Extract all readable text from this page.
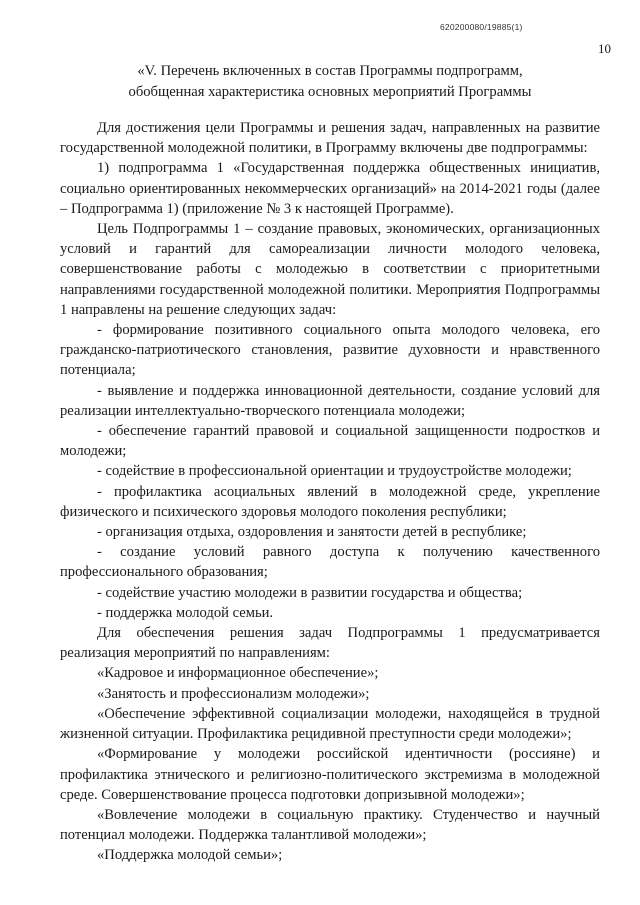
620200080/19885(1)
10
«V. Перечень включенных в состав Программы подпрограмм,
обобщенная характеристика основных мероприятий Программы

Для достижения цели Программы и решения задач, направленных на развитие государственной молодежной политики, в Программу включены две подпрограммы:

1) подпрограмма 1 «Государственная поддержка общественных инициатив, социально ориентированных некоммерческих организаций» на 2014-2021 годы (далее – Подпрограмма 1) (приложение № 3 к настоящей Программе).

Цель Подпрограммы 1 – создание правовых, экономических, организационных условий и гарантий для самореализации личности молодого человека, совершенствование работы с молодежью в соответствии с приоритетными направлениями государственной молодежной политики. Мероприятия Подпрограммы 1 направлены на решение следующих задач:

- формирование позитивного социального опыта молодого человека, его гражданско-патриотического становления, развитие духовности и нравственного потенциала;

- выявление и поддержка инновационной деятельности, создание условий для реализации интеллектуально-творческого потенциала молодежи;

- обеспечение гарантий правовой и социальной защищенности подростков и молодежи;

- содействие в профессиональной ориентации и трудоустройстве молодежи;

- профилактика асоциальных явлений в молодежной среде, укрепление физического и психического здоровья молодого поколения республики;

- организация отдыха, оздоровления и занятости детей в республике;

- создание условий равного доступа к получению качественного профессионального образования;

- содействие участию молодежи в развитии государства и общества;

- поддержка молодой семьи.

Для обеспечения решения задач Подпрограммы 1 предусматривается реализация мероприятий по направлениям:

«Кадровое и информационное обеспечение»;

«Занятость и профессионализм молодежи»;

«Обеспечение эффективной социализации молодежи, находящейся в трудной жизненной ситуации. Профилактика рецидивной преступности среди молодежи»;

«Формирование у молодежи российской идентичности (россияне) и профилактика этнического и религиозно-политического экстремизма в молодежной среде. Совершенствование процесса подготовки допризывной молодежи»;

«Вовлечение молодежи в социальную практику. Студенчество и научный потенциал молодежи. Поддержка талантливой молодежи»;

«Поддержка молодой семьи»;
